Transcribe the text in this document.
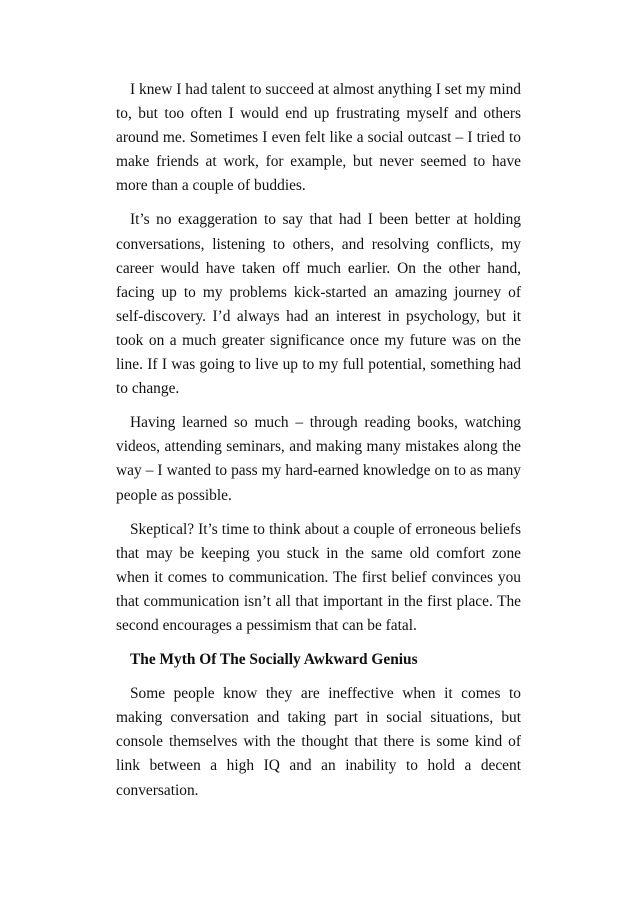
I knew I had talent to succeed at almost anything I set my mind to, but too often I would end up frustrating myself and others around me. Sometimes I even felt like a social outcast – I tried to make friends at work, for example, but never seemed to have more than a couple of buddies.

It’s no exaggeration to say that had I been better at holding conversations, listening to others, and resolving conflicts, my career would have taken off much earlier. On the other hand, facing up to my problems kick-started an amazing journey of self-discovery. I’d always had an interest in psychology, but it took on a much greater significance once my future was on the line. If I was going to live up to my full potential, something had to change.

Having learned so much – through reading books, watching videos, attending seminars, and making many mistakes along the way – I wanted to pass my hard-earned knowledge on to as many people as possible.

Skeptical? It’s time to think about a couple of erroneous beliefs that may be keeping you stuck in the same old comfort zone when it comes to communication. The first belief convinces you that communication isn’t all that important in the first place. The second encourages a pessimism that can be fatal.

The Myth Of The Socially Awkward Genius

Some people know they are ineffective when it comes to making conversation and taking part in social situations, but console themselves with the thought that there is some kind of link between a high IQ and an inability to hold a decent conversation.
